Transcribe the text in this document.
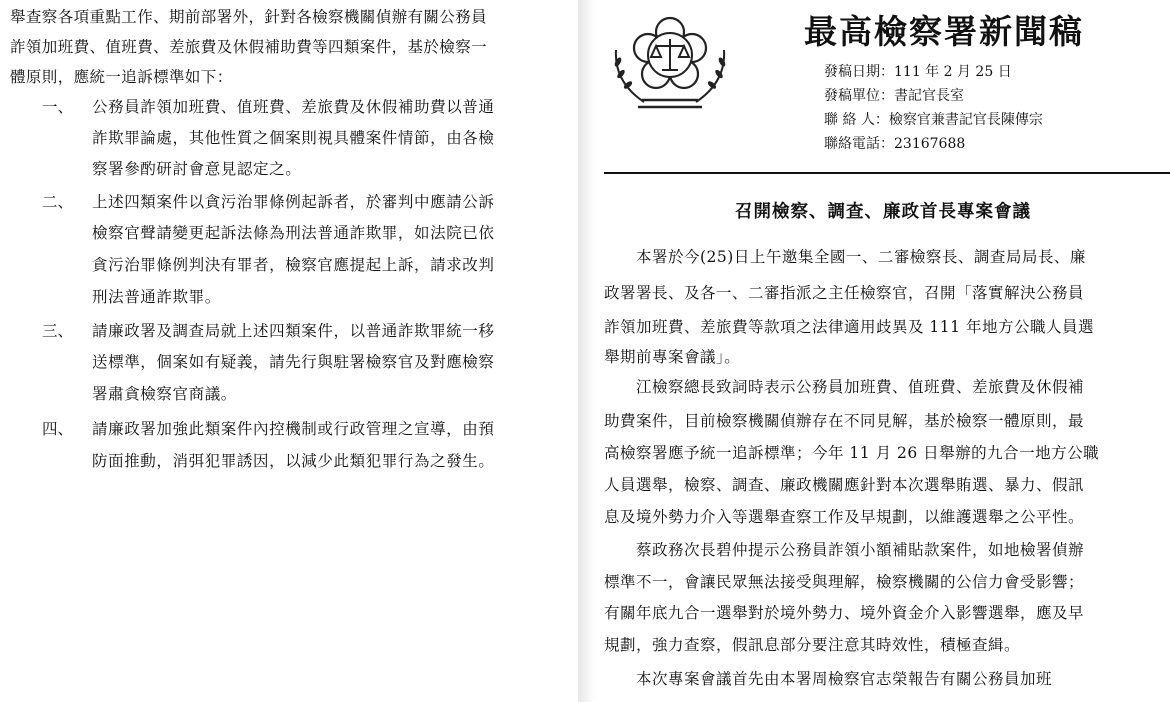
舉查察各項重點工作、期前部署外，針對各檢察機關偵辦有關公務員
詐領加班費、值班費、差旅費及休假補助費等四類案件，基於檢察一
體原則，應統一追訴標準如下：
一、 公務員詐領加班費、值班費、差旅費及休假補助費以普通
詐欺罪論處，其他性質之個案則視具體案件情節，由各檢
察署參酌研討會意見認定之。
二、 上述四類案件以貪污治罪條例起訴者，於審判中應請公訴
檢察官聲請變更起訴法條為刑法普通詐欺罪，如法院已依
貪污治罪條例判決有罪者，檢察官應提起上訴，請求改判
刑法普通詐欺罪。
三、 請廉政署及調查局就上述四類案件，以普通詐欺罪統一移
送標準，個案如有疑義，請先行與駐署檢察官及對應檢察
署肅貪檢察官商議。
四、 請廉政署加強此類案件內控機制或行政管理之宣導，由預
防面推動，消弭犯罪誘因，以減少此類犯罪行為之發生。
最高檢察署新聞稿
發稿日期：111 年 2 月 25 日
發稿單位：書記官長室
聯 絡 人：檢察官兼書記官長陳傳宗
聯絡電話：23167688
召開檢察、調查、廉政首長專案會議
　　本署於今(25)日上午邀集全國一、二審檢察長、調查局局長、廉
政署署長、及各一、二審指派之主任檢察官，召開「落實解決公務員
詐領加班費、差旅費等款項之法律適用歧異及 111 年地方公職人員選
舉期前專案會議」。
　　江檢察總長致詞時表示公務員加班費、值班費、差旅費及休假補
助費案件，目前檢察機關偵辦存在不同見解，基於檢察一體原則，最
高檢察署應予統一追訴標準；今年 11 月 26 日舉辦的九合一地方公職
人員選舉，檢察、調查、廉政機關應針對本次選舉賄選、暴力、假訊
息及境外勢力介入等選舉查察工作及早規劃，以維護選舉之公平性。
　　蔡政務次長碧仲提示公務員詐領小額補貼款案件，如地檢署偵辦
標準不一，會讓民眾無法接受與理解，檢察機關的公信力會受影響；
有關年底九合一選舉對於境外勢力、境外資金介入影響選舉，應及早
規劃，強力查察，假訊息部分要注意其時效性，積極查緝。
　　本次專案會議首先由本署周檢察官志榮報告有關公務員加班
